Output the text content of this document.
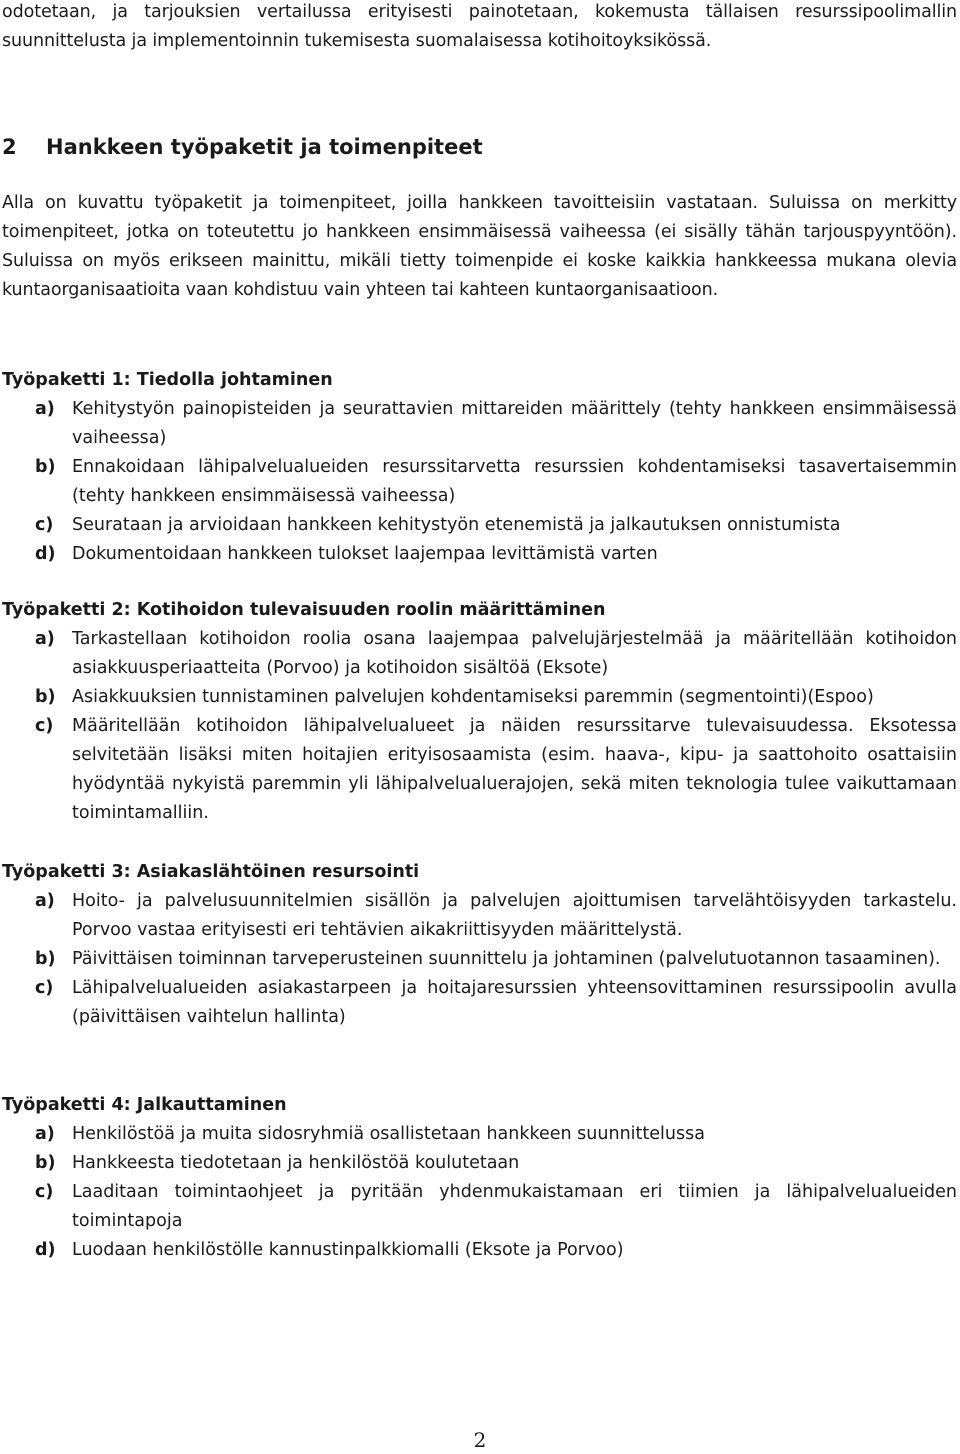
odotetaan, ja tarjouksien vertailussa erityisesti painotetaan, kokemusta tällaisen resurssipoolimallin suunnittelusta ja implementoinnin tukemisesta suomalaisessa kotihoitoyksikössä.

2 Hankkeen työpaketit ja toimenpiteet

Alla on kuvattu työpaketit ja toimenpiteet, joilla hankkeen tavoitteisiin vastataan. Suluissa on merkitty toimenpiteet, jotka on toteutettu jo hankkeen ensimmäisessä vaiheessa (ei sisälly tähän tarjouspyyntöön). Suluissa on myös erikseen mainittu, mikäli tietty toimenpide ei koske kaikkia hankkeessa mukana olevia kuntaorganisaatioita vaan kohdistuu vain yhteen tai kahteen kuntaorganisaatioon.

Työpaketti 1: Tiedolla johtaminen

a) Kehitystyön painopisteiden ja seurattavien mittareiden määrittely (tehty hankkeen ensimmäisessä vaiheessa)

b) Ennakoidaan lähipalvelualueiden resurssitarvetta resurssien kohdentamiseksi tasavertaisemmin (tehty hankkeen ensimmäisessä vaiheessa)

c) Seurataan ja arvioidaan hankkeen kehitystyön etenemistä ja jalkautuksen onnistumista

d) Dokumentoidaan hankkeen tulokset laajempaa levittämistä varten

Työpaketti 2: Kotihoidon tulevaisuuden roolin määrittäminen

a) Tarkastellaan kotihoidon roolia osana laajempaa palvelujärjestelmää ja määritellään kotihoidon asiakkuusperiaatteita (Porvoo) ja kotihoidon sisältöä (Eksote)

b) Asiakkuuksien tunnistaminen palvelujen kohdentamiseksi paremmin (segmentointi)(Espoo)

c) Määritellään kotihoidon lähipalvelualueet ja näiden resurssitarve tulevaisuudessa. Eksotessa selvitetään lisäksi miten hoitajien erityisosaamista (esim. haava-, kipu- ja saattohoito osattaisiin hyödyntää nykyistä paremmin yli lähipalvelualuerajojen, sekä miten teknologia tulee vaikuttamaan toimintamalliin.

Työpaketti 3: Asiakaslähtöinen resursointi

a) Hoito- ja palvelusuunnitelmien sisällön ja palvelujen ajoittumisen tarvelähtöisyyden tarkastelu. Porvoo vastaa erityisesti eri tehtävien aikakriittisyyden määrittelystä.

b) Päivittäisen toiminnan tarveperusteinen suunnittelu ja johtaminen (palvelutuotannon tasaaminen).

c) Lähipalvelualueiden asiakastarpeen ja hoitajaresurssien yhteensovittaminen resurssipoolin avulla (päivittäisen vaihtelun hallinta)

Työpaketti 4: Jalkauttaminen

a) Henkilöstöä ja muita sidosryhmiä osallistetaan hankkeen suunnittelussa

b) Hankkeesta tiedotetaan ja henkilöstöä koulutetaan

c) Laaditaan toimintaohjeet ja pyritään yhdenmukaistamaan eri tiimien ja lähipalvelualueiden toimintapoja

d) Luodaan henkilöstölle kannustinpalkkiomalli (Eksote ja Porvoo)

2
